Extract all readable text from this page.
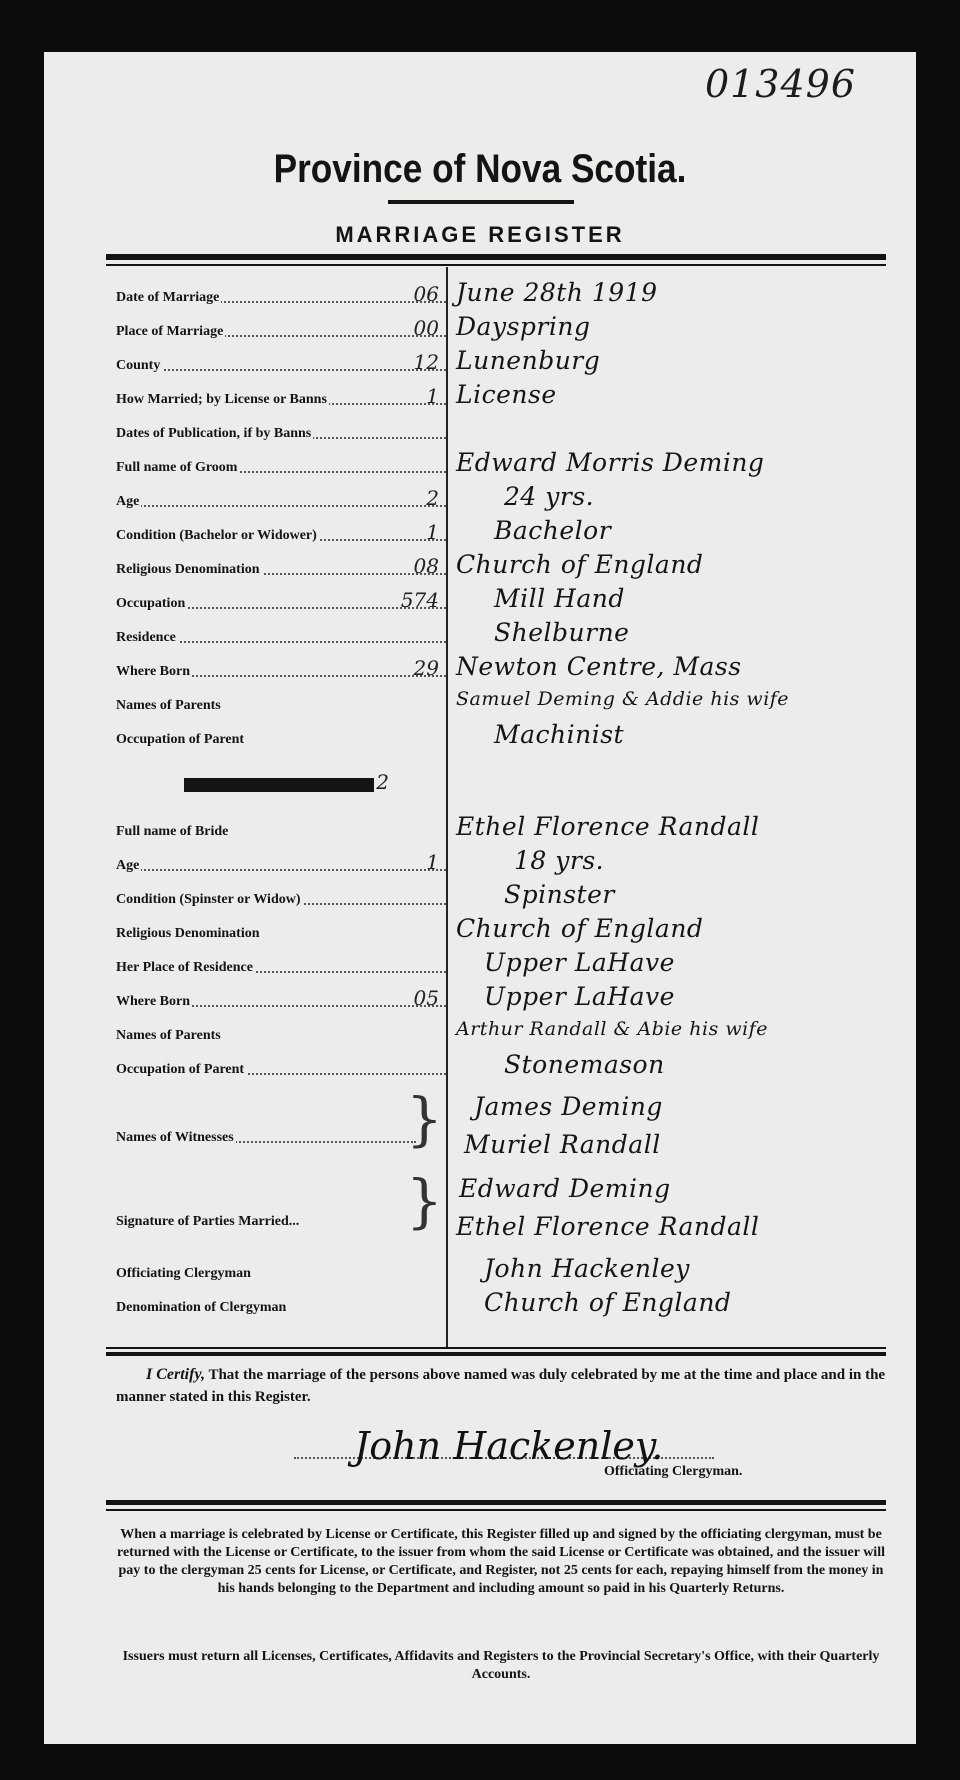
013496
Province of Nova Scotia.
MARRIAGE REGISTER
2
Date of Marriage	06 June 28th 1919
Place of Marriage	00 Dayspring
County	12 Lunenburg
How Married; by License or Banns	1 License
Dates of Publication, if by Banns
Full name of Groom	Edward Morris Deming
Age	2	24 yrs.
Condition (Bachelor or Widower)	1 Bachelor
Religious Denomination	08 Church of England
Occupation	574 Mill Hand
Residence	Shelburne
Where Born	29 Newton Centre, Mass
Names of Parents	Samuel Deming & Addie his wife
Occupation of Parent	Machinist
Full name of Bride	Ethel Florence Randall
Age	1	18 yrs.
Condition (Spinster or Widow)	Spinster
Religious Denomination	Church of England
Her Place of Residence	Upper LaHave
Where Born	05 Upper LaHave
Names of Parents	Arthur Randall & Abie his wife
Occupation of Parent	Stonemason
Names of Witnesses	} James Deming
Muriel Randall
Signature of Parties Married...	} Edward Deming
Ethel Florence Randall
Officiating Clergyman	John Hackenley
Denomination of Clergyman	Church of England
I Certify, That the marriage of the persons above named was duly celebrated by me at the time and place and in the manner stated in this Register.
John Hackenley.
Officiating Clergyman.
When a marriage is celebrated by License or Certificate, this Register filled up and signed by the officiating clergyman, must be returned with the License or Certificate, to the issuer from whom the said License or Certificate was obtained, and the issuer will pay to the clergyman 25 cents for License, or Certificate, and Register, not 25 cents for each, repaying himself from the money in his hands belonging to the Department and including amount so paid in his Quarterly Returns.
Issuers must return all Licenses, Certificates, Affidavits and Registers to the Provincial Secretary's Office, with their Quarterly Accounts.
